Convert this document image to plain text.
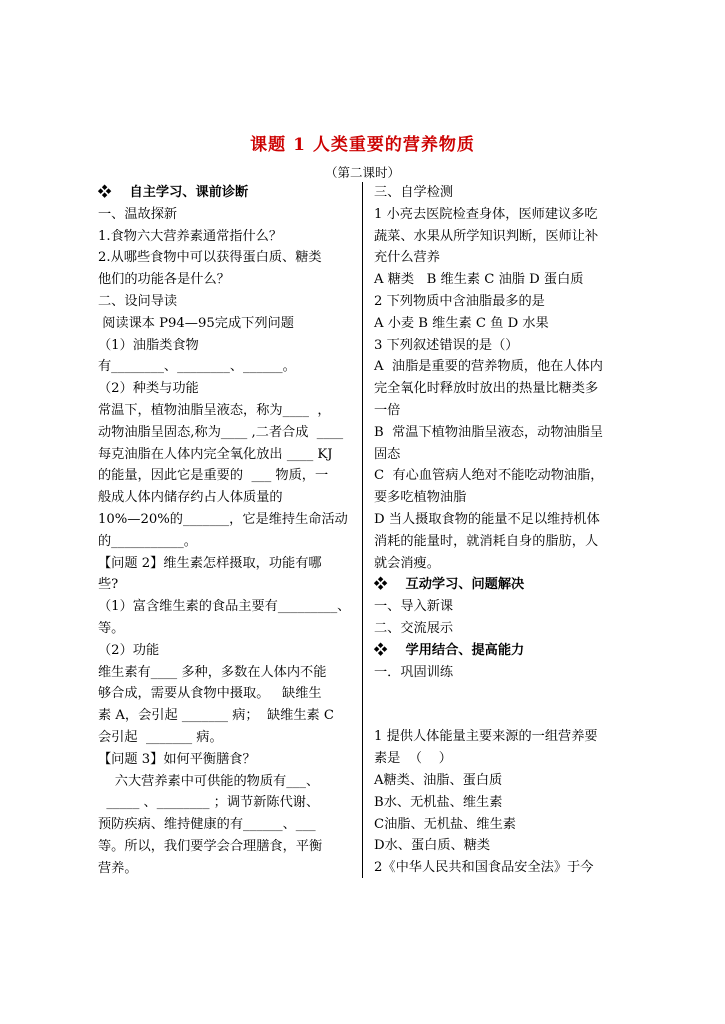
课题 1 人类重要的营养物质
（第二课时）

❖    自主学习、课前诊断

一、温故探新

1.食物六大营养素通常指什么？

2.从哪些食物中可以获得蛋白质、糖类

他们的功能各是什么？

二、设问导读

阅读课本 P94—95完成下列问题

（1）油脂类食物

有________、________、______。

（2）种类与功能

常温下，植物油脂呈液态，称为____  ，

动物油脂呈固态,称为____ ,二者合成  ____

每克油脂在人体内完全氧化放出 ____ KJ

的能量，因此它是重要的  ___ 物质，一

般成人体内储存约占人体质量的

10%—20%的_______，它是维持生命活动

的___________。

【问题 2】维生素怎样摄取，功能有哪

些?

（1）富含维生素的食品主要有_________、

等。

（2）功能

维生素有____ 多种，多数在人体内不能

够合成，需要从食物中摄取。   缺维生

素 A，会引起 _______ 病；  缺维生素 C

会引起  _______ 病。

【问题 3】如何平衡膳食？

六大营养素中可供能的物质有___、

_____ 、________ ；调节新陈代谢、

预防疾病、维持健康的有______、___

等。所以，我们要学会合理膳食，平衡

营养。

三、自学检测

1 小亮去医院检查身体，医师建议多吃

蔬菜、水果从所学知识判断，医师让补

充什么营养

A 糖类   B 维生素 C 油脂 D 蛋白质

2 下列物质中含油脂最多的是

A 小麦 B 维生素 C 鱼 D 水果

3 下列叙述错误的是（）

A  油脂是重要的营养物质，他在人体内

完全氧化时释放时放出的热量比糖类多

一倍

B  常温下植物油脂呈液态，动物油脂呈

固态

C  有心血管病人绝对不能吃动物油脂，

要多吃植物油脂

D 当人摄取食物的能量不足以维持机体

消耗的能量时，就消耗自身的脂肪，人

就会消瘦。

❖    互动学习、问题解决

一、导入新课

二、交流展示

❖    学用结合、提高能力

一．巩固训练

1 提供人体能量主要来源的一组营养要

素是  （    ）

A糖类、油脂、蛋白质

B水、无机盐、维生素

C油脂、无机盐、维生素

D水、蛋白质、糖类

2《中华人民共和国食品安全法》于今
